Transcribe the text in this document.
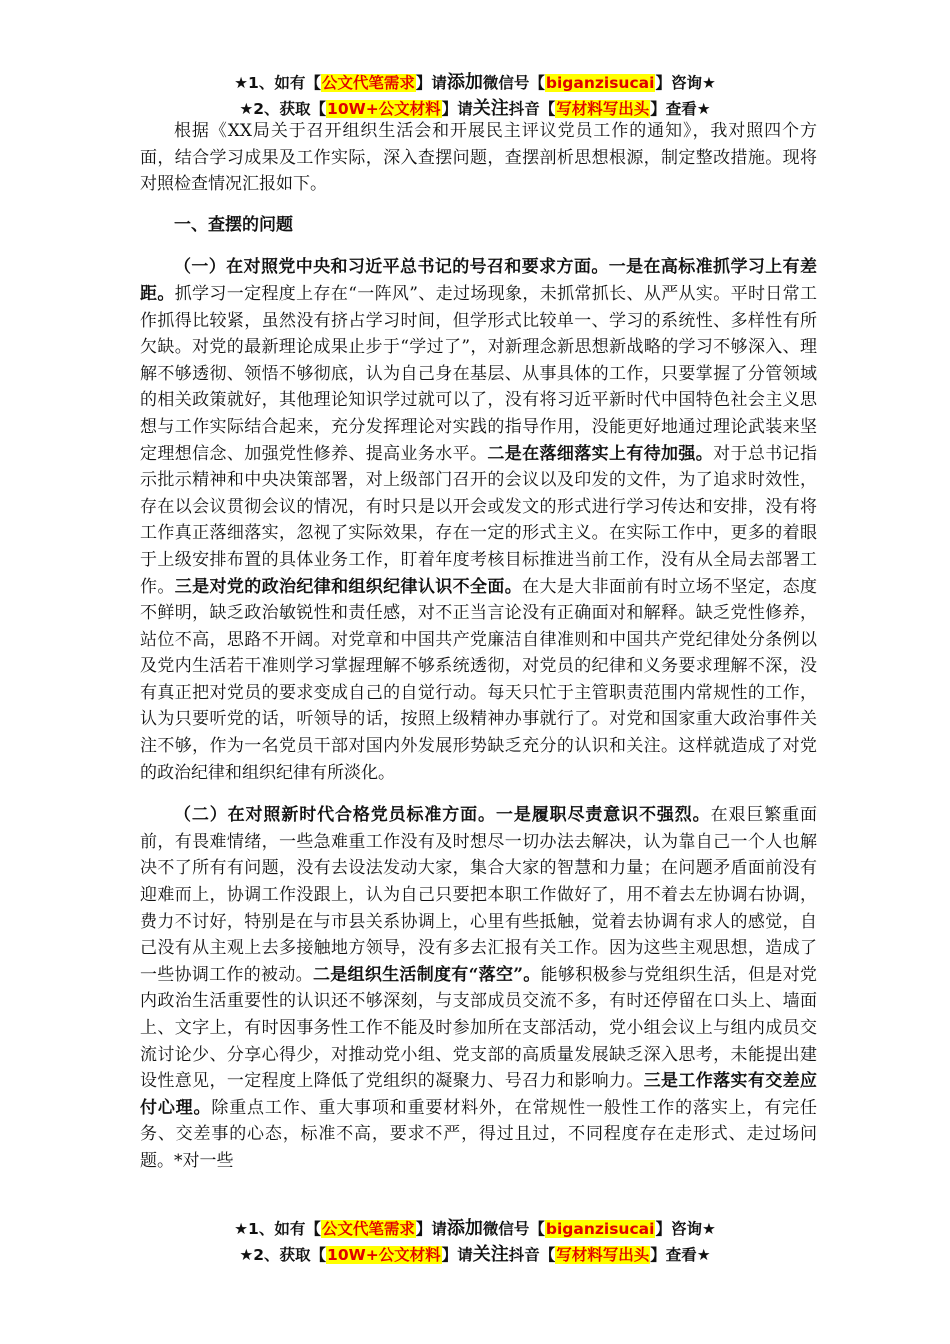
★1、如有【公文代笔需求】请添加微信号【biganzisucai】咨询★
★2、获取【10W+公文材料】请关注抖音【写材料写出头】查看★

根据《XX局关于召开组织生活会和开展民主评议党员工作的通知》，我对照四个方面，结合学习成果及工作实际，深入查摆问题，查摆剖析思想根源，制定整改措施。现将对照检查情况汇报如下。

一、查摆的问题

（一）在对照党中央和习近平总书记的号召和要求方面。一是在高标准抓学习上有差距。抓学习一定程度上存在“一阵风”、走过场现象，未抓常抓长、从严从实。平时日常工作抓得比较紧，虽然没有挤占学习时间，但学形式比较单一、学习的系统性、多样性有所欠缺。对党的最新理论成果止步于“学过了”，对新理念新思想新战略的学习不够深入、理解不够透彻、领悟不够彻底，认为自己身在基层、从事具体的工作，只要掌握了分管领域的相关政策就好，其他理论知识学过就可以了，没有将习近平新时代中国特色社会主义思想与工作实际结合起来，充分发挥理论对实践的指导作用，没能更好地通过理论武装来坚定理想信念、加强党性修养、提高业务水平。二是在落细落实上有待加强。对于总书记指示批示精神和中央决策部署，对上级部门召开的会议以及印发的文件，为了追求时效性，存在以会议贯彻会议的情况，有时只是以开会或发文的形式进行学习传达和安排，没有将工作真正落细落实，忽视了实际效果，存在一定的形式主义。在实际工作中，更多的着眼于上级安排布置的具体业务工作，盯着年度考核目标推进当前工作，没有从全局去部署工作。三是对党的政治纪律和组织纪律认识不全面。在大是大非面前有时立场不坚定，态度不鲜明，缺乏政治敏锐性和责任感，对不正当言论没有正确面对和解释。缺乏党性修养，站位不高，思路不开阔。对党章和中国共产党廉洁自律准则和中国共产党纪律处分条例以及党内生活若干准则学习掌握理解不够系统透彻，对党员的纪律和义务要求理解不深，没有真正把对党员的要求变成自己的自觉行动。每天只忙于主管职责范围内常规性的工作，认为只要听党的话，听领导的话，按照上级精神办事就行了。对党和国家重大政治事件关注不够，作为一名党员干部对国内外发展形势缺乏充分的认识和关注。这样就造成了对党的政治纪律和组织纪律有所淡化。

（二）在对照新时代合格党员标准方面。一是履职尽责意识不强烈。在艰巨繁重面前，有畏难情绪，一些急难重工作没有及时想尽一切办法去解决，认为靠自己一个人也解决不了所有有问题，没有去设法发动大家，集合大家的智慧和力量；在问题矛盾面前没有迎难而上，协调工作没跟上，认为自己只要把本职工作做好了，用不着去左协调右协调，费力不讨好，特别是在与市县关系协调上，心里有些抵触，觉着去协调有求人的感觉，自己没有从主观上去多接触地方领导，没有多去汇报有关工作。因为这些主观思想，造成了一些协调工作的被动。二是组织生活制度有“落空”。能够积极参与党组织生活，但是对党内政治生活重要性的认识还不够深刻，与支部成员交流不多，有时还停留在口头上、墙面上、文字上，有时因事务性工作不能及时参加所在支部活动，党小组会议上与组内成员交流讨论少、分享心得少，对推动党小组、党支部的高质量发展缺乏深入思考，未能提出建设性意见，一定程度上降低了党组织的凝聚力、号召力和影响力。三是工作落实有交差应付心理。除重点工作、重大事项和重要材料外，在常规性一般性工作的落实上，有完任务、交差事的心态，标准不高，要求不严，得过且过，不同程度存在走形式、走过场问题。*对一些

★1、如有【公文代笔需求】请添加微信号【biganzisucai】咨询★
★2、获取【10W+公文材料】请关注抖音【写材料写出头】查看★
